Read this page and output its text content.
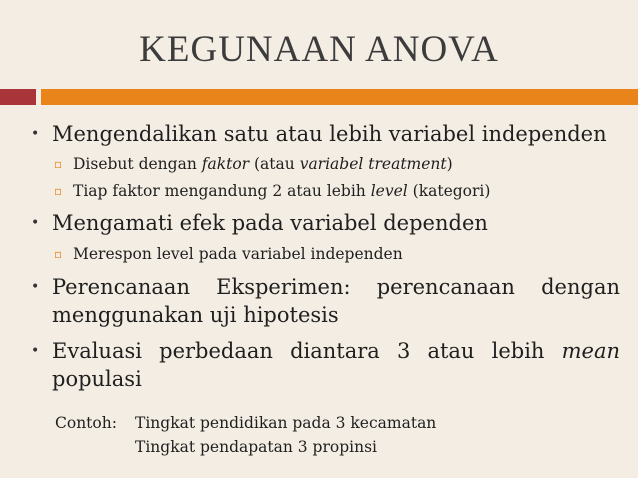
KEGUNAAN ANOVA
• Mengendalikan satu atau lebih variabel independen
▫ Disebut dengan faktor (atau variabel treatment)
▫ Tiap faktor mengandung 2 atau lebih level (kategori)
• Mengamati efek pada variabel dependen
▫ Merespon level pada variabel independen
• Perencanaan Eksperimen: perencanaan dengan
menggunakan uji hipotesis
• Evaluasi perbedaan diantara 3 atau lebih mean
populasi
Contoh: Tingkat pendidikan pada 3 kecamatan
Tingkat pendapatan 3 propinsi
